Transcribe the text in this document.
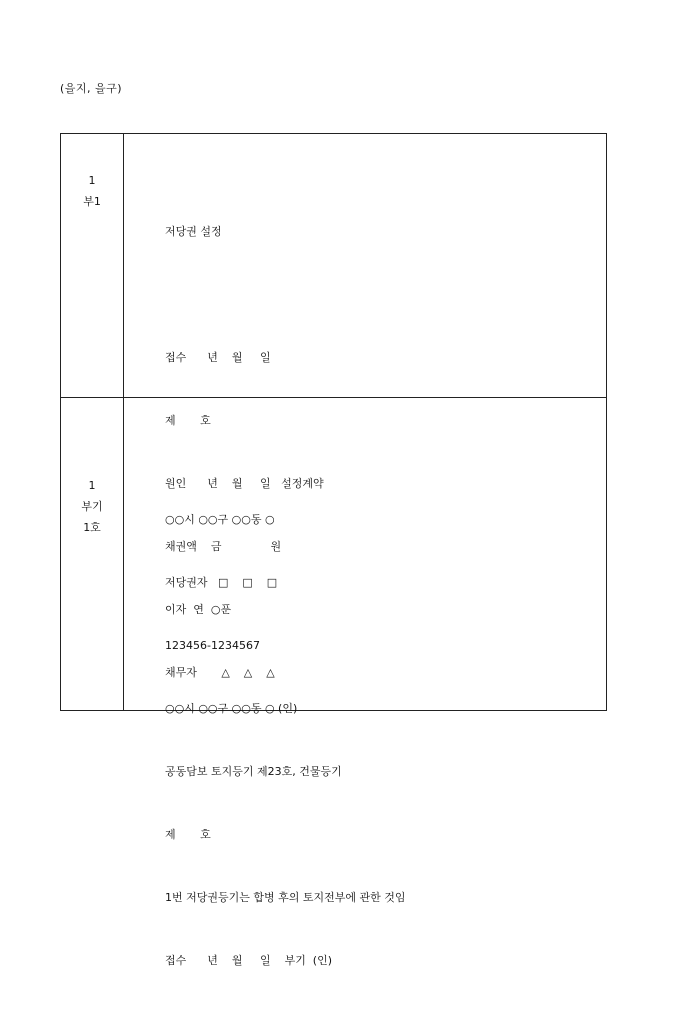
(을지, 을구)
1
부1

저당권 설정

접수      년    월     일

제       호

원인      년    월     일   설정계약

채권액    금              원

이자  연  ○푼

채무자       △    △    △

1
부기
1호

○○시 ○○구 ○○동 ○

저당권자   □    □    □

123456-1234567

○○시 ○○구 ○○동 ○ (인)

공동담보 토지등기 제23호, 건물등기

제       호

1번 저당권등기는 합병 후의 토지전부에 관한 것임

접수      년    월     일    부기  (인)
